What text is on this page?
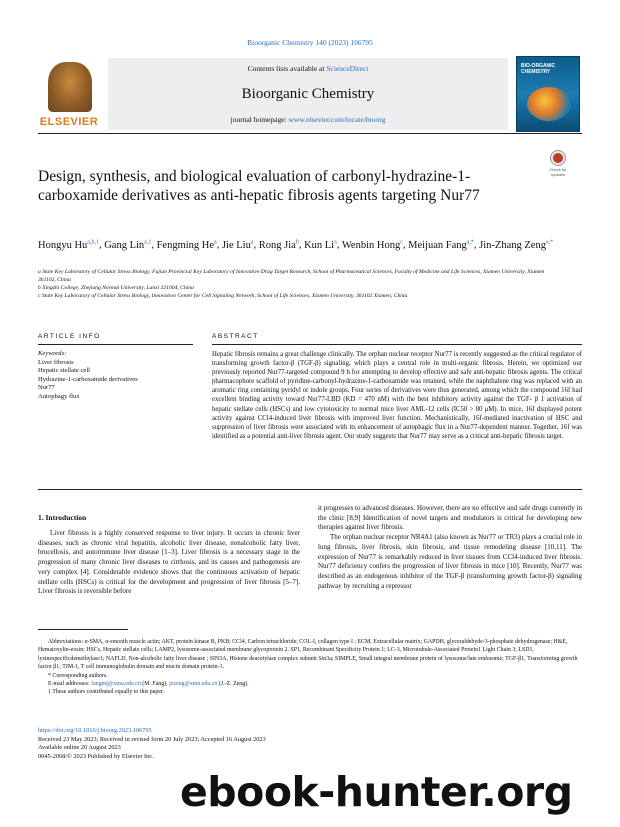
Bioorganic Chemistry 140 (2023) 106795
ELSEVIER
Contents lists available at ScienceDirect
Bioorganic Chemistry
journal homepage: www.elsevier.com/locate/bioorg
BIO-ORGANIC CHEMISTRY
Design, synthesis, and biological evaluation of carbonyl-hydrazine-1-carboxamide derivatives as anti-hepatic fibrosis agents targeting Nur77
Check for updates
Hongyu Hu$^{a,b,1}$, Gang Lin$^{a,1}$, Fengming He$^a$, Jie Liu$^a$, Rong Jia$^b$, Kun Li$^a$, Wenbin Hong$^c$, Meijuan Fang$^{a,*}$, Jin-Zhang Zeng$^{a,*}$
a State Key Laboratory of Cellular Stress Biology, Fujian Provincial Key Laboratory of Innovative Drug Target Research, School of Pharmaceutical Sciences, Faculty of Medicine and Life Sciences, Xiamen University, Xiamen 361102, China
b Xingzhi College, Zhejiang Normal University, Lanxi 321004, China
c State Key Laboratory of Cellular Stress Biology, Innovation Center for Cell Signaling Network, School of Life Sciences, Xiamen University, 361102 Xiamen, China
ARTICLE INFO	ABSTRACT
Keywords:
Liver fibrosis
Hepatic stellate cell
Hydrazine-1-carboxamide derivatives
Nur77
Autophagy flux
Hepatic fibrosis remains a great challenge clinically. The orphan nuclear receptor Nur77 is recently suggested as the critical regulator of transforming growth factor-β (TGF-β) signaling, which plays a central role in multi-organic fibrosis. Herein, we optimized our previously reported Nur77-targeted compound 9 h for attempting to develop effective and safe anti-hepatic fibrosis agents. The critical pharmacophore scaffold of pyridine-carbonyl-hydrazine-1-carboxamide was retained, while the naphthalene ring was replaced with an aromatic ring containing pyridyl or indole groups. Four series of derivatives were thus generated, among which the compound 16f had excellent binding activity toward Nur77-LBD (KD = 470 nM) with the best inhibitory activity against the TGF- β 1 activation of hepatic stellate cells (HSCs) and low cytotoxicity to normal mice liver AML-12 cells (IC50 > 80 μM). In mice, 16f displayed potent activity against CCl4-induced liver fibrosis with improved liver function. Mechanistically, 16f-mediated inactivation of HSC and suppression of liver fibrosis were associated with its enhancement of autophagic flux in a Nur77-dependent manner. Together, 16f was identified as a potential anti-liver fibrosis agent. Our study suggests that Nur77 may serve as a critical anti-hepatic fibrosis target.
1. Introduction

Liver fibrosis is a highly conserved response to liver injury. It occurs in chronic liver diseases, such as chronic viral hepatitis, alcoholic liver disease, nonalcoholic fatty liver, brucellosis, and autoimmune liver disease [1–3]. Liver fibrosis is a necessary stage in the progression of many chronic liver diseases to cirrhosis, and its causes and pathogenesis are very complex [4]. Considerable evidence shows that the continuous activation of hepatic stellate cells (HSCs) is critical for the development and progression of liver fibrosis [5–7]. Liver fibrosis is reversible before

it progresses to advanced diseases. However, there are no effective and safe drugs currently in the clinic [8,9] Identification of novel targets and modulators is critical for developing new therapies against liver fibrosis.

The orphan nuclear receptor NR4A1 (also known as Nur77 or TR3) plays a crucial role in lung fibrosis, liver fibrosis, skin fibrosis, and tissue remodeling disease [10,11]. The expression of Nur77 is remarkably reduced in liver tissues from CCl4-induced liver fibrosis. Nur77 deficiency confers the progression of liver fibrosis in mice [10]. Recently, Nur77 was described as an endogenous inhibitor of the TGF-β (transforming growth factor-β) signaling pathway by recruiting a repressor

Abbreviations: α-SMA, α-smooth muscle actin; AKT, protein kinase B, PKB; CCl4, Carbon tetrachloride; COL-I, collagen type I ; ECM, Extracellular matrix; GAPDH, glyceraldehyde-3-phosphate dehydrogenase; H&E, Hematoxylin-eosin; HSCs, Hepatic stellate cells; LAMP2, lysosome-associated membrane glycoprotein 2. SP1, Recombinant Specificity Protein 1; LC-3, Microtubule-Associated Protein1 Light Chain 3; LSD1, lysinespecificdemethylase1; NAFLD, Non-alcoholic fatty liver disease ; SIN3A, Histone deacetylase complex subunit Sin3a; SIMPLE, Small integral membrane protein of lysosome/late endosome; TGF-β1, Transforming growth factor β1; TIM-1, T cell immunoglobulin domain and mucin domain protein-1.

* Corresponding authors.

E-mail addresses: fangmj@xmu.edu.cn (M. Fang), jzzeng@xmu.edu.cn (J.-Z. Zeng).

1 These authors contributed equally to this paper.

https://doi.org/10.1016/j.bioorg.2023.106795
Received 23 May 2023; Received in revised form 20 July 2023; Accepted 16 August 2023
Available online 20 August 2023
0045-2068/© 2023 Published by Elsevier Inc.
ebook-hunter.org
